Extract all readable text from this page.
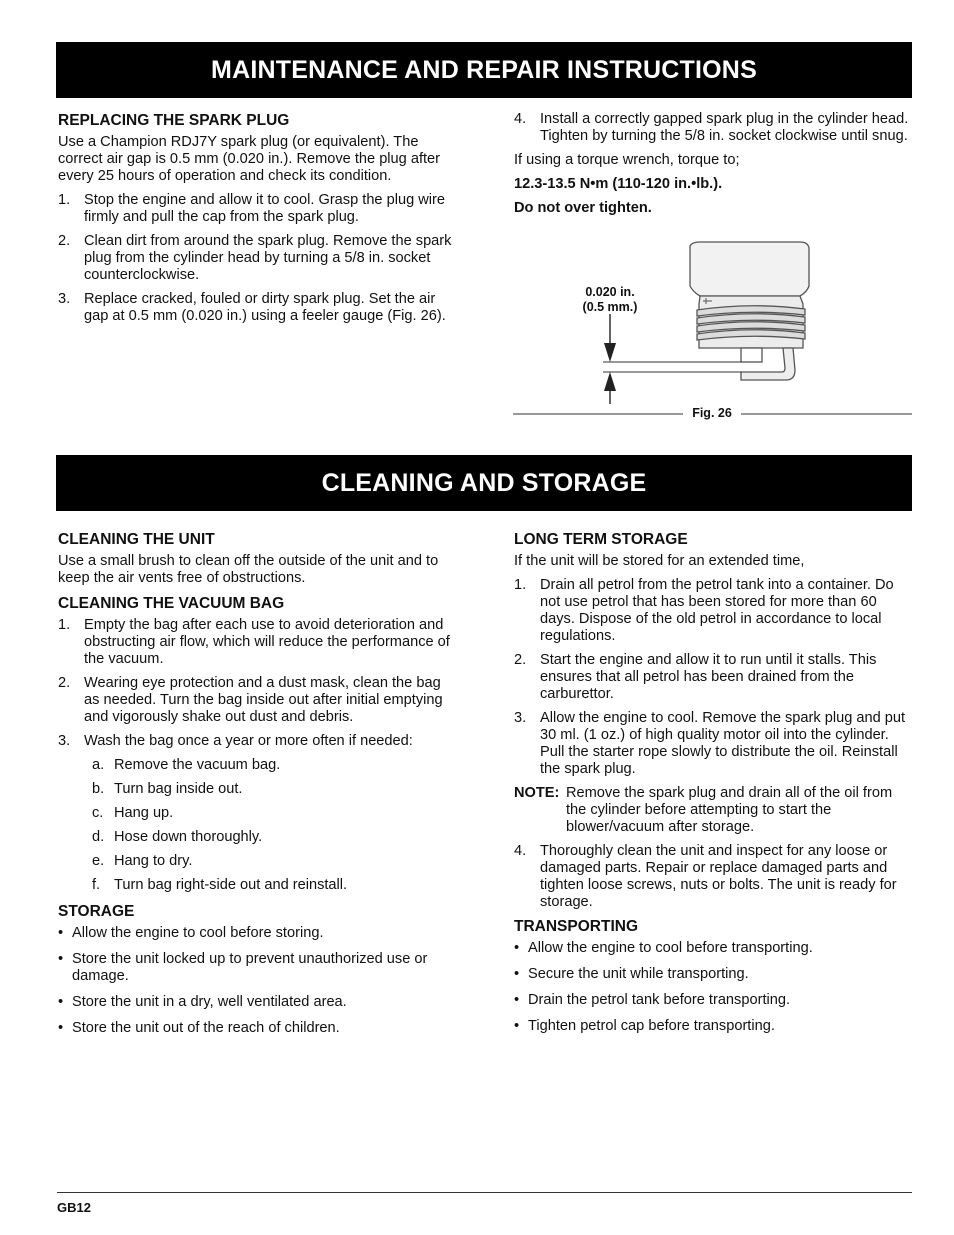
MAINTENANCE AND REPAIR INSTRUCTIONS
REPLACING THE SPARK PLUG

Use a Champion RDJ7Y spark plug (or equivalent). The correct air gap is 0.5 mm (0.020 in.). Remove the plug after every 25 hours of operation and check its condition.

1. Stop the engine and allow it to cool. Grasp the plug wire firmly and pull the cap from the spark plug.
2. Clean dirt from around the spark plug. Remove the spark plug from the cylinder head by turning a 5/8 in. socket counterclockwise.
3. Replace cracked, fouled or dirty spark plug. Set the air gap at 0.5 mm (0.020 in.) using a feeler gauge (Fig. 26).
4. Install a correctly gapped spark plug in the cylinder head. Tighten by turning the 5/8 in. socket clockwise until snug.

If using a torque wrench, torque to;

12.3-13.5 N•m (110-120 in.•lb.).

Do not over tighten.

0.020 in.
(0.5 mm.)
Fig. 26
CLEANING AND STORAGE
CLEANING THE UNIT

Use a small brush to clean off the outside of the unit and to keep the air vents free of obstructions.

CLEANING THE VACUUM BAG
1. Empty the bag after each use to avoid deterioration and obstructing air flow, which will reduce the performance of the vacuum.
2. Wearing eye protection and a dust mask, clean the bag as needed. Turn the bag inside out after initial emptying and vigorously shake out dust and debris.
3. Wash the bag once a year or more often if needed:
a. Remove the vacuum bag.
b. Turn bag inside out.
c. Hang up.
d. Hose down thoroughly.
e. Hang to dry.
f. Turn bag right-side out and reinstall.
STORAGE
• Allow the engine to cool before storing.
• Store the unit locked up to prevent unauthorized use or damage.
• Store the unit in a dry, well ventilated area.
• Store the unit out of the reach of children.
LONG TERM STORAGE

If the unit will be stored for an extended time,

1. Drain all petrol from the petrol tank into a container. Do not use petrol that has been stored for more than 60 days. Dispose of the old petrol in accordance to local regulations.
2. Start the engine and allow it to run until it stalls. This ensures that all petrol has been drained from the carburettor.
3. Allow the engine to cool. Remove the spark plug and put 30 ml. (1 oz.) of high quality motor oil into the cylinder. Pull the starter rope slowly to distribute the oil. Reinstall the spark plug.
NOTE: Remove the spark plug and drain all of the oil from the cylinder before attempting to start the blower/vacuum after storage.
4. Thoroughly clean the unit and inspect for any loose or damaged parts. Repair or replace damaged parts and tighten loose screws, nuts or bolts. The unit is ready for storage.
TRANSPORTING
• Allow the engine to cool before transporting.
• Secure the unit while transporting.
• Drain the petrol tank before transporting.
• Tighten petrol cap before transporting.
GB12
